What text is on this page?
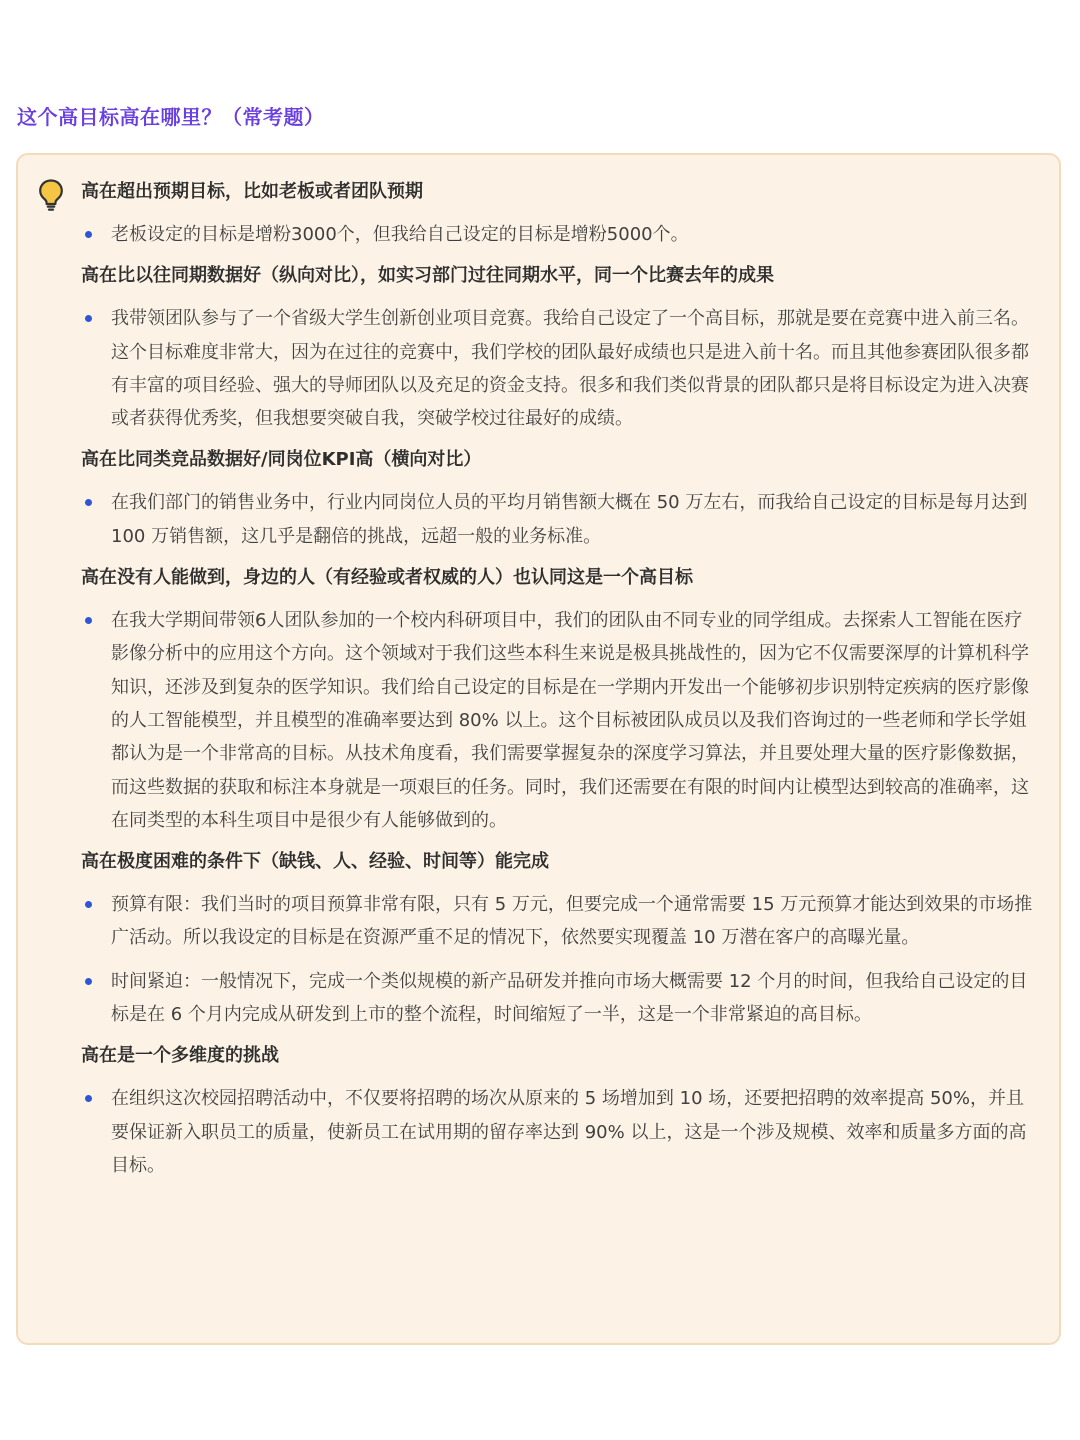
这个高目标高在哪里？（常考题）
高在超出预期目标，比如老板或者团队预期
老板设定的目标是增粉3000个，但我给自己设定的目标是增粉5000个。
高在比以往同期数据好（纵向对比），如实习部门过往同期水平，同一个比赛去年的成果
我带领团队参与了一个省级大学生创新创业项目竞赛。我给自己设定了一个高目标，那就是要在竞赛中进入前三名。这个目标难度非常大，因为在过往的竞赛中，我们学校的团队最好成绩也只是进入前十名。而且其他参赛团队很多都有丰富的项目经验、强大的导师团队以及充足的资金支持。很多和我们类似背景的团队都只是将目标设定为进入决赛或者获得优秀奖，但我想要突破自我，突破学校过往最好的成绩。
高在比同类竞品数据好/同岗位KPI高（横向对比）
在我们部门的销售业务中，行业内同岗位人员的平均月销售额大概在 50 万左右，而我给自己设定的目标是每月达到 100 万销售额，这几乎是翻倍的挑战，远超一般的业务标准。
高在没有人能做到，身边的人（有经验或者权威的人）也认同这是一个高目标
在我大学期间带领6人团队参加的一个校内科研项目中，我们的团队由不同专业的同学组成。去探索人工智能在医疗影像分析中的应用这个方向。这个领域对于我们这些本科生来说是极具挑战性的，因为它不仅需要深厚的计算机科学知识，还涉及到复杂的医学知识。我们给自己设定的目标是在一学期内开发出一个能够初步识别特定疾病的医疗影像的人工智能模型，并且模型的准确率要达到 80% 以上。这个目标被团队成员以及我们咨询过的一些老师和学长学姐都认为是一个非常高的目标。从技术角度看，我们需要掌握复杂的深度学习算法，并且要处理大量的医疗影像数据，而这些数据的获取和标注本身就是一项艰巨的任务。同时，我们还需要在有限的时间内让模型达到较高的准确率，这在同类型的本科生项目中是很少有人能够做到的。
高在极度困难的条件下（缺钱、人、经验、时间等）能完成
预算有限：我们当时的项目预算非常有限，只有 5 万元，但要完成一个通常需要 15 万元预算才能达到效果的市场推广活动。所以我设定的目标是在资源严重不足的情况下，依然要实现覆盖 10 万潜在客户的高曝光量。
时间紧迫：一般情况下，完成一个类似规模的新产品研发并推向市场大概需要 12 个月的时间，但我给自己设定的目标是在 6 个月内完成从研发到上市的整个流程，时间缩短了一半，这是一个非常紧迫的高目标。
高在是一个多维度的挑战
在组织这次校园招聘活动中，不仅要将招聘的场次从原来的 5 场增加到 10 场，还要把招聘的效率提高 50%，并且要保证新入职员工的质量，使新员工在试用期的留存率达到 90% 以上，这是一个涉及规模、效率和质量多方面的高目标。
